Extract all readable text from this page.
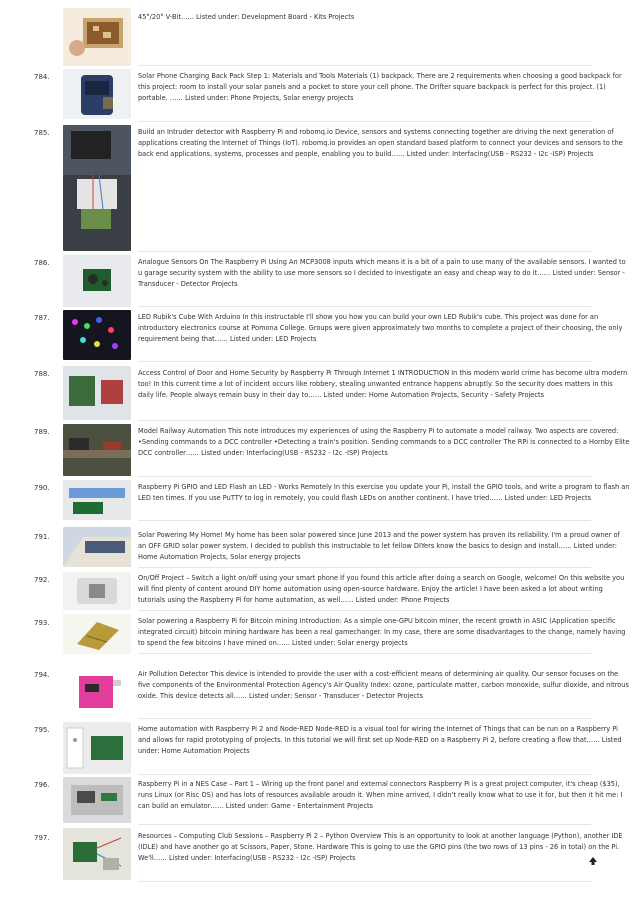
45°/20° V-Bit…… Listed under: Development Board - Kits Projects
784.	Solar Phone Charging Back Pack Step 1: Materials and Tools Materials (1) backpack. There are 2 requirements when choosing a good backpack for this project: room to install your solar panels and a pocket to store your cell phone. The Drifter square backpack is perfect for this project. (1) portable. …… Listed under: Phone Projects, Solar energy projects
785.	Build an Intruder detector with Raspberry Pi and robomq.io Device, sensors and systems connecting together are driving the next generation of applications creating the Internet of Things (IoT). robomq.io provides an open standard based platform to connect your devices and sensors to the back end applications, systems, processes and people, enabling you to build…… Listed under: Interfacing(USB - RS232 - I2c -ISP) Projects
786.	Analogue Sensors On The Raspberry Pi Using An MCP3008 inputs which means it is a bit of a pain to use many of the available sensors. I wanted to u garage security system with the ability to use more sensors so I decided to investigate an easy and cheap way to do it…… Listed under: Sensor - Transducer - Detector Projects
787.	LED Rubik's Cube With Arduino In this instructable I'll show you how you can build your own LED Rubik's cube. This project was done for an introductory electronics course at Pomona College. Groups were given approximately two months to complete a project of their choosing, the only requirement being that…… Listed under: LED Projects
788.	Access Control of Door and Home Security by Raspberry Pi Through Internet 1 INTRODUCTION In this modern world crime has become ultra modern too! In this current time a lot of incident occurs like robbery, stealing unwanted entrance happens abruptly. So the security does matters in this daily life. People always remain busy in their day to…… Listed under: Home Automation Projects, Security - Safety Projects
789.	Model Railway Automation This note introduces my experiences of using the Raspberry Pi to automate a model railway. Two aspects are covered: •Sending commands to a DCC controller •Detecting a train's position. Sending commands to a DCC controller The RPi is connected to a Hornby Elite DCC controller…… Listed under: Interfacing(USB - RS232 - I2c -ISP) Projects
790.	Raspberry Pi GPIO and LED Flash an LED - Works Remotely In this exercise you update your Pi, install the GPIO tools, and write a program to flash an LED ten times. If you use PuTTY to log in remotely, you could flash LEDs on another continent. I have tried…… Listed under: LED Projects
791.	Solar Powering My Home! My home has been solar powered since June 2013 and the power system has proven its reliability. I'm a proud owner of an OFF GRID solar power system. I decided to publish this instructable to let fellow DIYers know the basics to design and install…… Listed under: Home Automation Projects, Solar energy projects
792.	On/Off Project – Switch a light on/off using your smart phone If you found this article after doing a search on Google, welcome! On this website you will find plenty of content around DIY home automation using open-source hardware. Enjoy the article! I have been asked a lot about writing tutorials using the Raspberry Pi for home automation, as well…… Listed under: Phone Projects
793.	Solar powering a Raspberry Pi for Bitcoin mining Introduction: As a simple one-GPU bitcoin miner, the recent growth in ASIC (Application specific integrated circuit) bitcoin mining hardware has been a real gamechanger. In my case, there are some disadvantages to the change, namely having to spend the few bitcoins I have mined on…… Listed under: Solar energy projects
794.	Air Pollution Detector This device is intended to provide the user with a cost-efficient means of determining air quality. Our sensor focuses on the five components of the Environmental Protection Agency's Air Quality Index: ozone, particulate matter, carbon monoxide, sulfur dioxide, and nitrous oxide. This device detects all…… Listed under: Sensor - Transducer - Detector Projects
795.	Home automation with Raspberry Pi 2 and Node-RED Node-RED is a visual tool for wiring the Internet of Things that can be run on a Raspberry Pi and allows for rapid prototyping of projects. In this tutorial we will first set up Node-RED on a Raspberry Pi 2, before creating a flow that…… Listed under: Home Automation Projects
796.	Raspberry Pi in a NES Case – Part 1 – Wiring up the front panel and external connectors Raspberry Pi is a great project computer, it's cheap ($35), runs Linux (or Risc OS) and has lots of resources available aroudn it. When mine arrived, I didn't really know what to use it for, but then it hit me: I can build an emulator…… Listed under: Game - Entertainment Projects
797.	Resources – Computing Club Sessions – Raspberry Pi 2 – Python Overview This is an opportunity to look at another language (Python), another IDE (IDLE) and have another go at Scissors, Paper, Stone. Hardware This is going to use the GPIO pins (the two rows of 13 pins - 26 in total) on the Pi. We'll…… Listed under: Interfacing(USB - RS232 - I2c -ISP) Projects
